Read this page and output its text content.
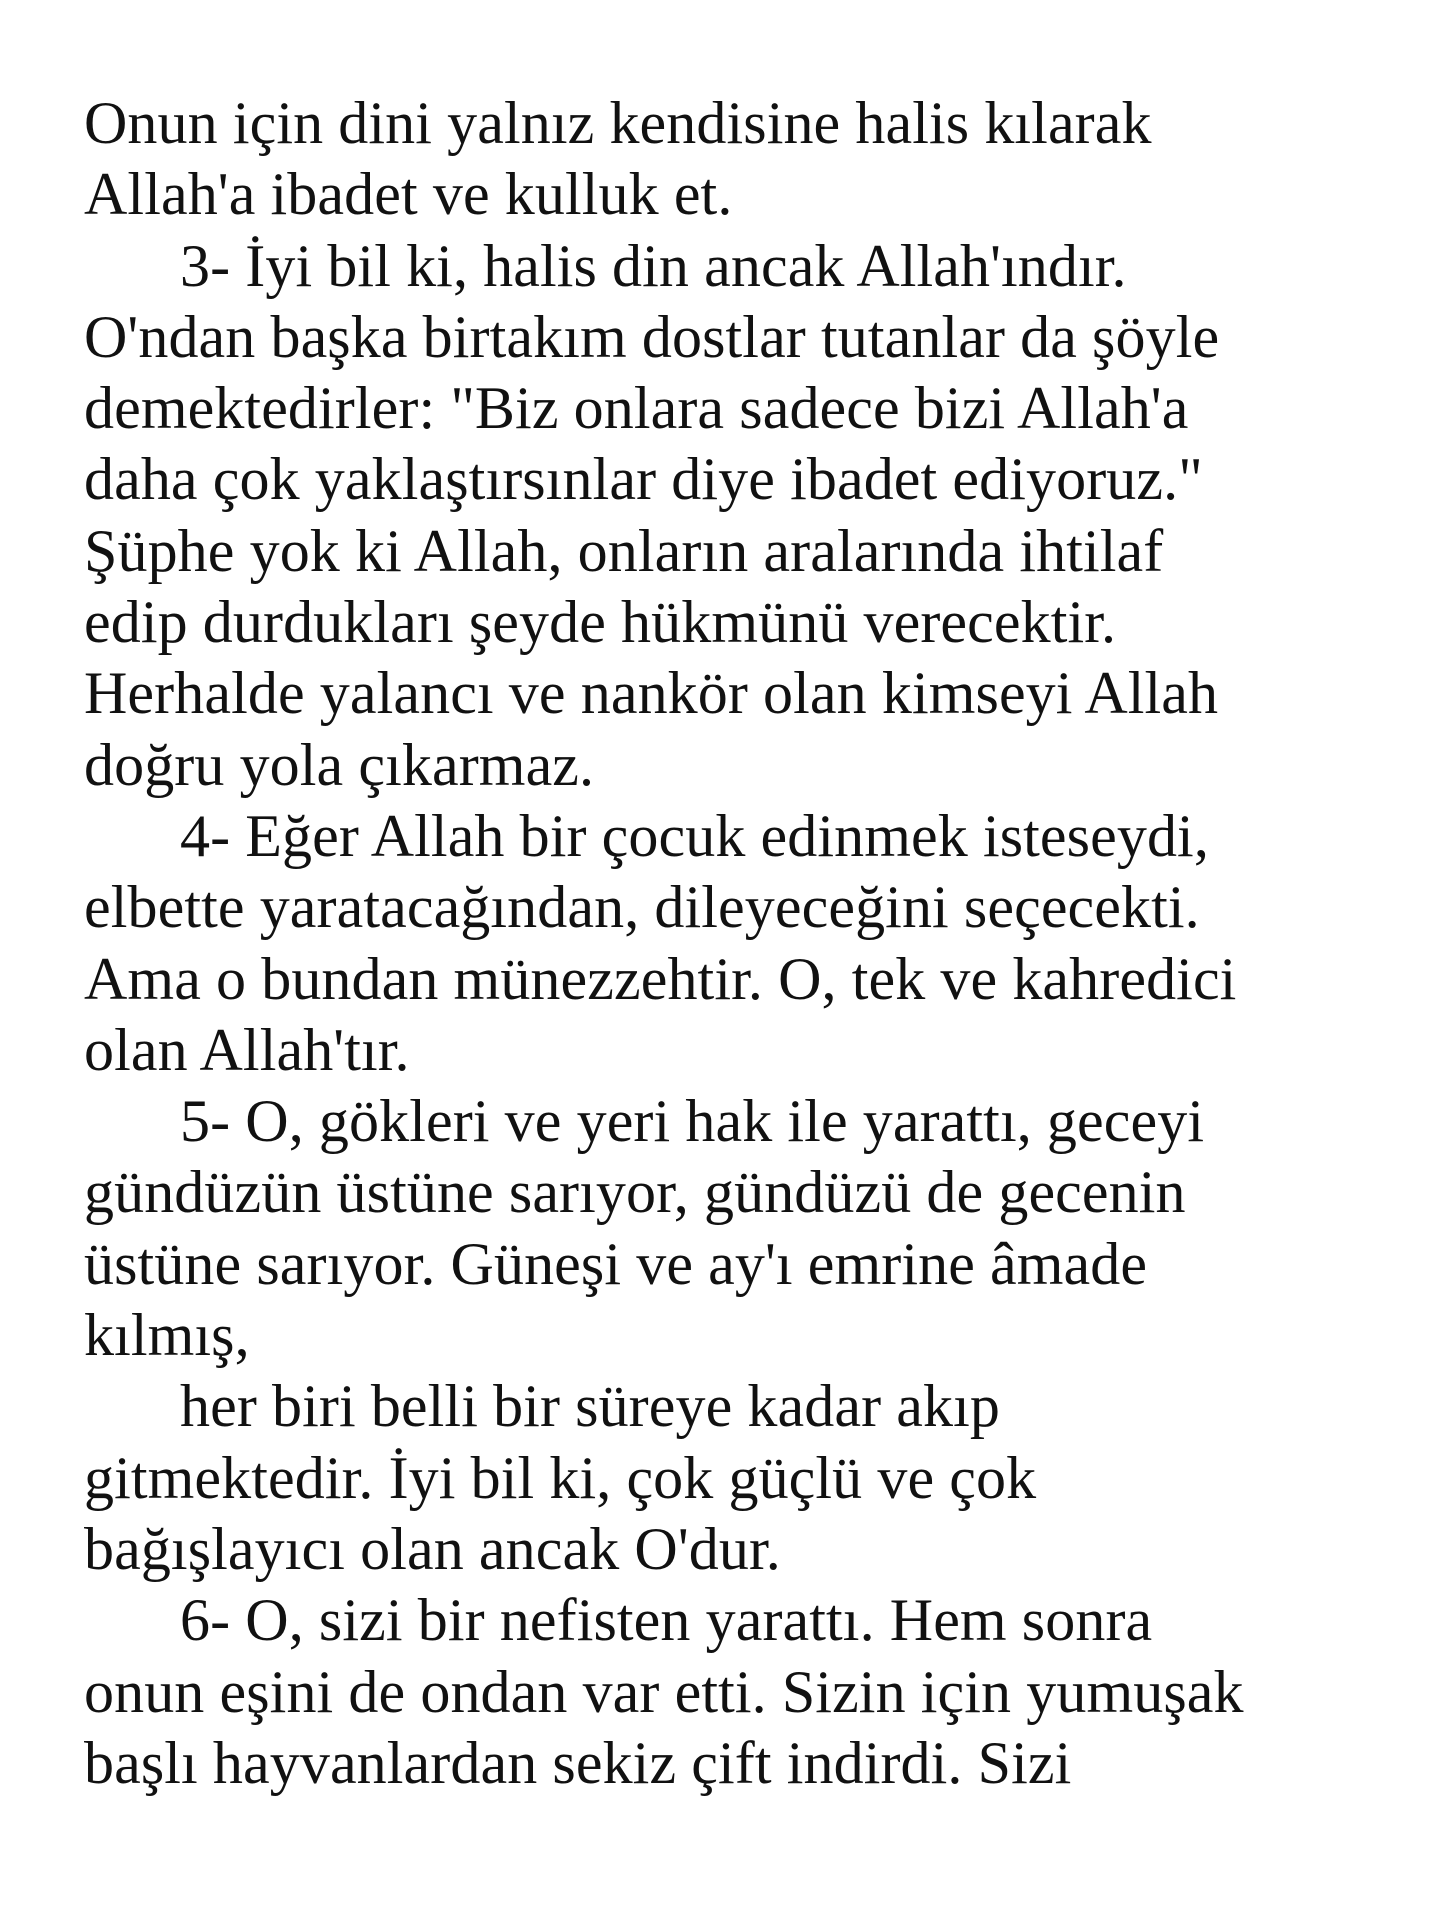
Onun için dini yalnız kendisine halis kılarak
Allah'a ibadet ve kulluk et.
3- İyi bil ki, halis din ancak Allah'ındır.
O'ndan başka birtakım dostlar tutanlar da şöyle
demektedirler: "Biz onlara sadece bizi Allah'a
daha çok yaklaştırsınlar diye ibadet ediyoruz."
Şüphe yok ki Allah, onların aralarında ihtilaf
edip durdukları şeyde hükmünü verecektir.
Herhalde yalancı ve nankör olan kimseyi Allah
doğru yola çıkarmaz.
4- Eğer Allah bir çocuk edinmek isteseydi,
elbette yaratacağından, dileyeceğini seçecekti.
Ama o bundan münezzehtir. O, tek ve kahredici
olan Allah'tır.
5- O, gökleri ve yeri hak ile yarattı, geceyi
gündüzün üstüne sarıyor, gündüzü de gecenin
üstüne sarıyor. Güneşi ve ay'ı emrine âmade
kılmış,
her biri belli bir süreye kadar akıp
gitmektedir. İyi bil ki, çok güçlü ve çok
bağışlayıcı olan ancak O'dur.
6- O, sizi bir nefisten yarattı. Hem sonra
onun eşini de ondan var etti. Sizin için yumuşak
başlı hayvanlardan sekiz çift indirdi. Sizi
